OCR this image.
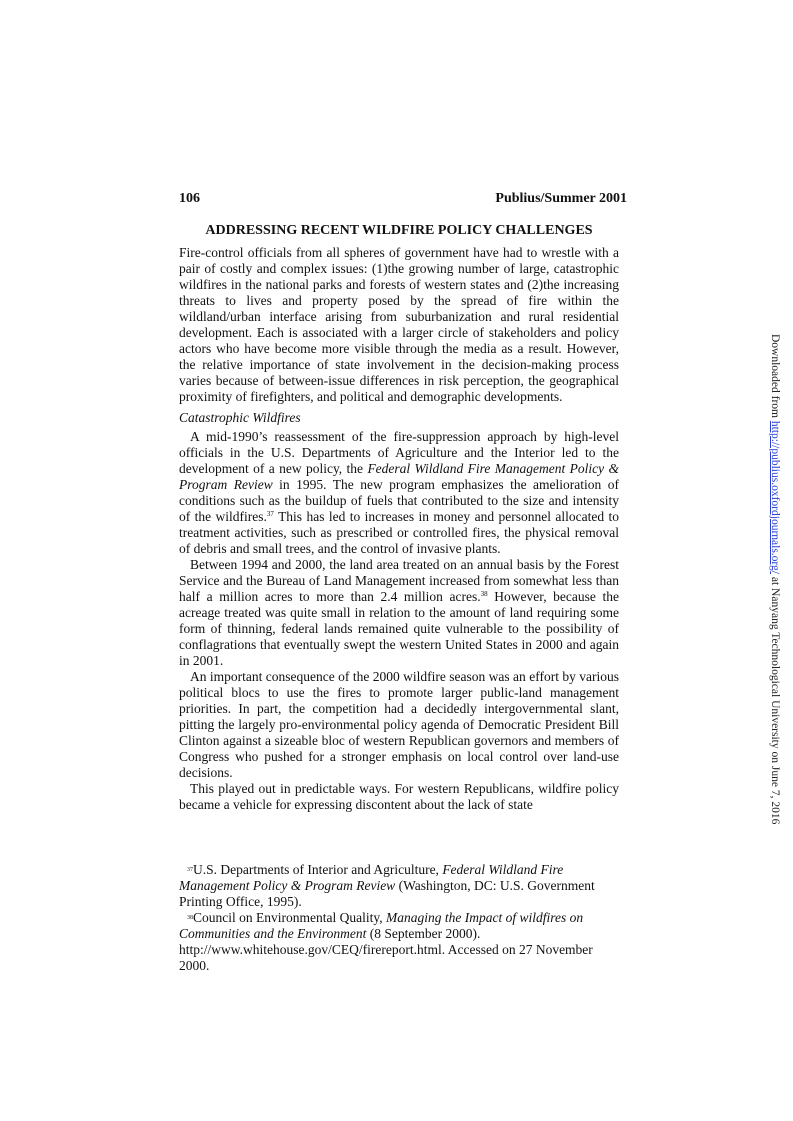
106	Publius/Summer 2001
ADDRESSING RECENT WILDFIRE POLICY CHALLENGES

Fire-control officials from all spheres of government have had to wrestle with a pair of costly and complex issues: (1)the growing number of large, catastrophic wildfires in the national parks and forests of western states and (2)the increasing threats to lives and property posed by the spread of fire within the wildland/urban interface arising from suburbanization and rural residential development. Each is associated with a larger circle of stakeholders and policy actors who have become more visible through the media as a result. However, the relative importance of state involvement in the decision-making process varies because of between-issue differences in risk perception, the geographical proximity of firefighters, and political and demographic developments.

Catastrophic Wildfires

A mid-1990’s reassessment of the fire-suppression approach by high-level officials in the U.S. Departments of Agriculture and the Interior led to the development of a new policy, the Federal Wildland Fire Management Policy & Program Review in 1995. The new program emphasizes the amelioration of conditions such as the buildup of fuels that contributed to the size and intensity of the wildfires.$^{37}$ This has led to increases in money and personnel allocated to treatment activities, such as prescribed or controlled fires, the physical removal of debris and small trees, and the control of invasive plants.

Between 1994 and 2000, the land area treated on an annual basis by the Forest Service and the Bureau of Land Management increased from somewhat less than half a million acres to more than 2.4 million acres.$^{38}$ However, because the acreage treated was quite small in relation to the amount of land requiring some form of thinning, federal lands remained quite vulnerable to the possibility of conflagrations that eventually swept the western United States in 2000 and again in 2001.

An important consequence of the 2000 wildfire season was an effort by various political blocs to use the fires to promote larger public-land management priorities. In part, the competition had a decidedly intergovernmental slant, pitting the largely pro-environmental policy agenda of Democratic President Bill Clinton against a sizeable bloc of western Republican governors and members of Congress who pushed for a stronger emphasis on local control over land-use decisions.

This played out in predictable ways. For western Republicans, wildfire policy became a vehicle for expressing discontent about the lack of state

$^{37}$U.S. Departments of Interior and Agriculture, Federal Wildland Fire Management Policy & Program Review (Washington, DC: U.S. Government Printing Office, 1995).

$^{38}$Council on Environmental Quality, Managing the Impact of wildfires on Communities and the Environment (8 September 2000). http://www.whitehouse.gov/CEQ/firereport.html. Accessed on 27 November 2000.

Downloaded from http://publius.oxfordjournals.org/ at Nanyang Technological University on June 7, 2016
